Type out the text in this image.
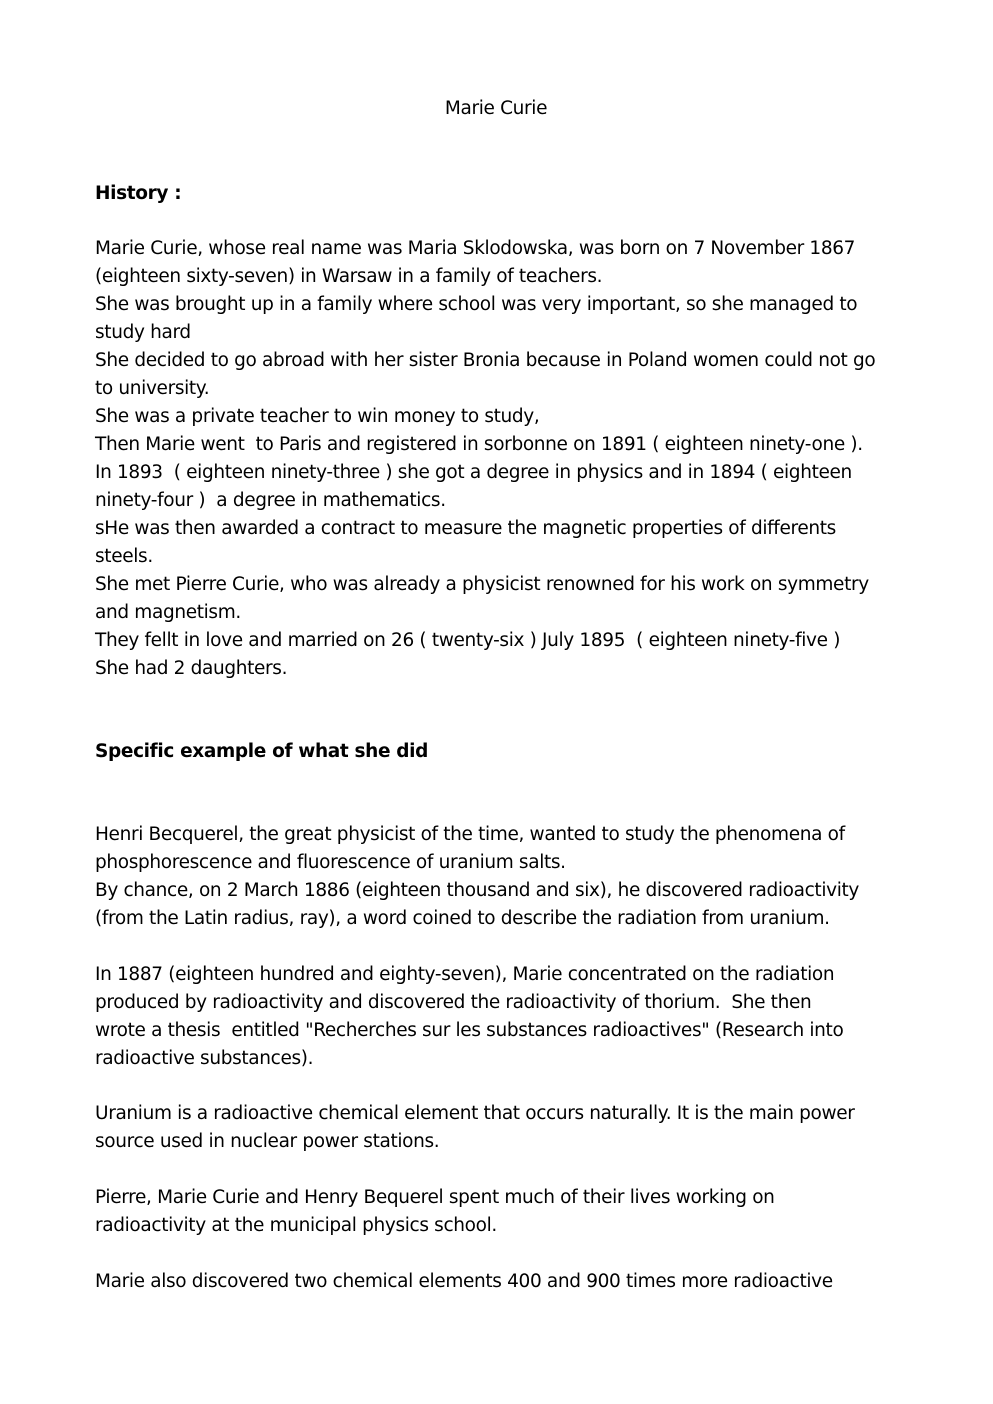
Marie Curie
History :
Marie Curie, whose real name was Maria Sklodowska, was born on 7 November 1867
(eighteen sixty-seven) in Warsaw in a family of teachers.
She was brought up in a family where school was very important, so she managed to
study hard
She decided to go abroad with her sister Bronia because in Poland women could not go
to university.
She was a private teacher to win money to study,
Then Marie went  to Paris and registered in sorbonne on 1891 ( eighteen ninety-one ).
In 1893  ( eighteen ninety-three ) she got a degree in physics and in 1894 ( eighteen
ninety-four )  a degree in mathematics.
sHe was then awarded a contract to measure the magnetic properties of differents
steels.
She met Pierre Curie, who was already a physicist renowned for his work on symmetry
and magnetism.
They fellt in love and married on 26 ( twenty-six ) July 1895  ( eighteen ninety-five )
She had 2 daughters.
Specific example of what she did
Henri Becquerel, the great physicist of the time, wanted to study the phenomena of
phosphorescence and fluorescence of uranium salts.
By chance, on 2 March 1886 (eighteen thousand and six), he discovered radioactivity
(from the Latin radius, ray), a word coined to describe the radiation from uranium.
In 1887 (eighteen hundred and eighty-seven), Marie concentrated on the radiation
produced by radioactivity and discovered the radioactivity of thorium.  She then
wrote a thesis  entitled "Recherches sur les substances radioactives" (Research into
radioactive substances).
Uranium is a radioactive chemical element that occurs naturally. It is the main power
source used in nuclear power stations.
Pierre, Marie Curie and Henry Bequerel spent much of their lives working on
radioactivity at the municipal physics school.
Marie also discovered two chemical elements 400 and 900 times more radioactive
